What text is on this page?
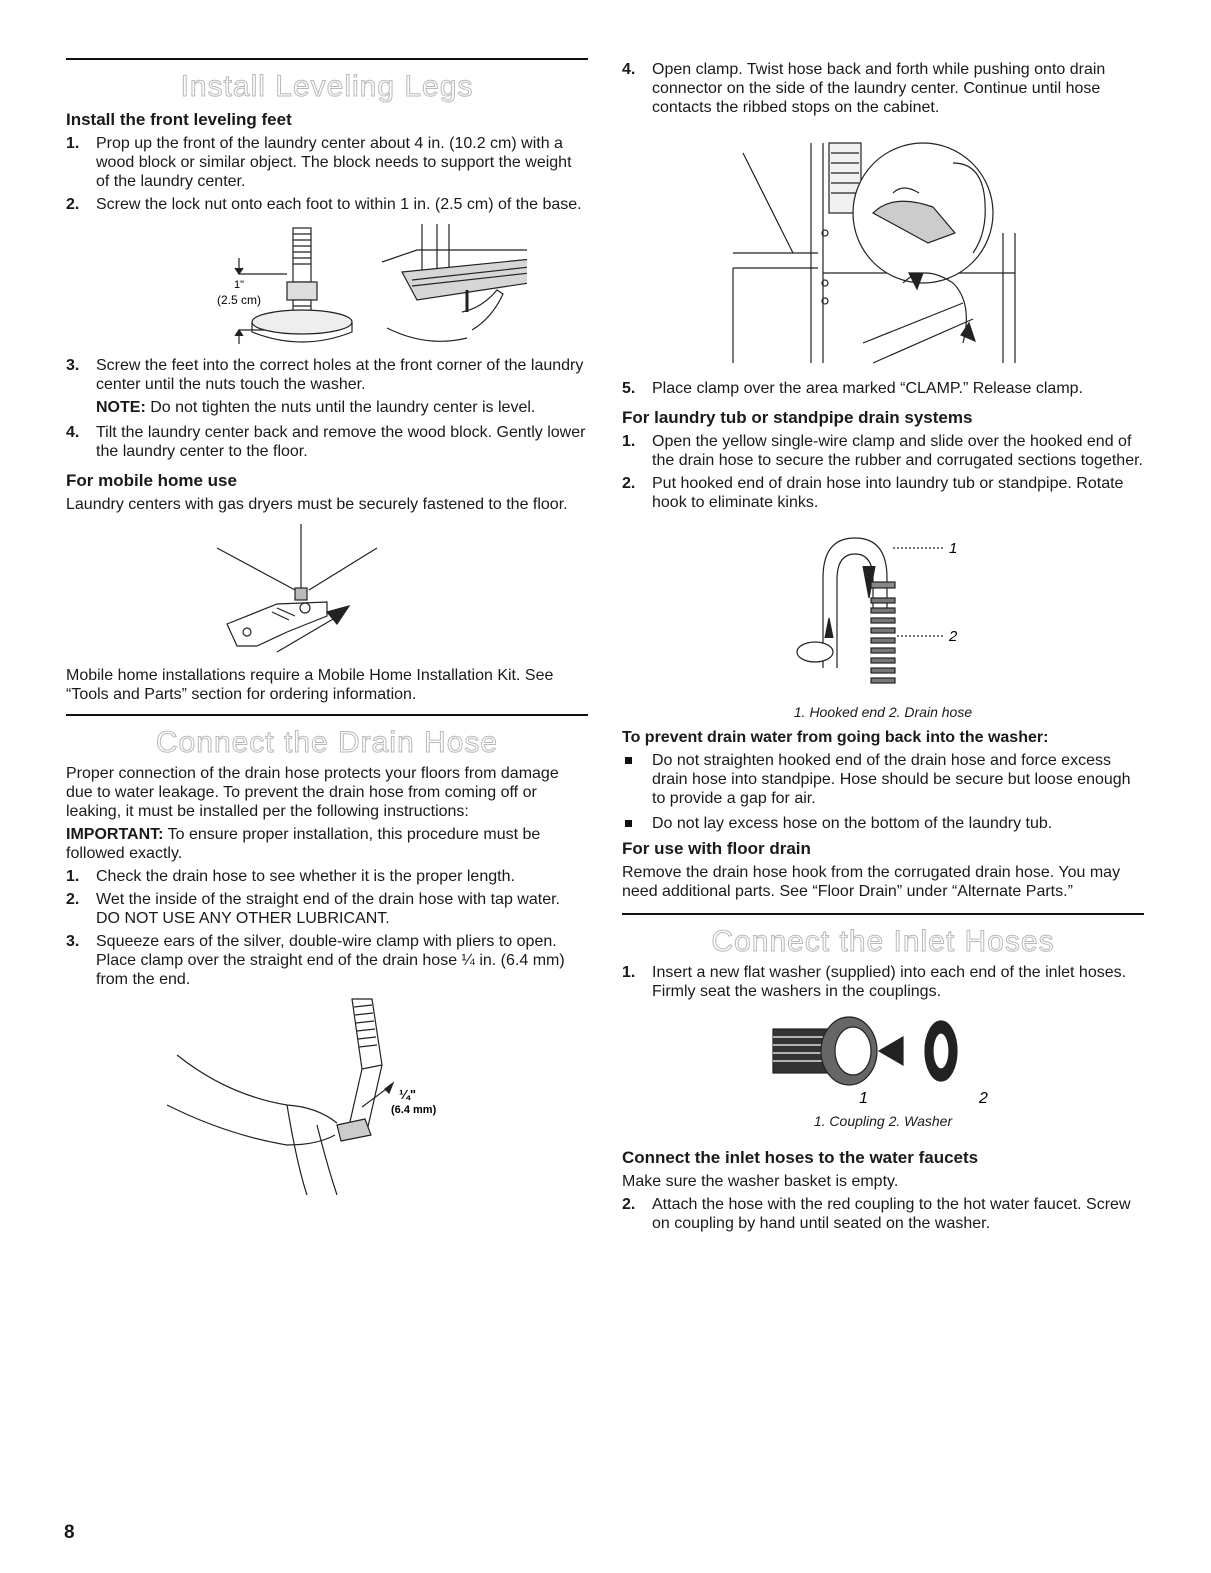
Install Leveling Legs
Install the front leveling feet
1. Prop up the front of the laundry center about 4 in. (10.2 cm) with a wood block or similar object. The block needs to support the weight of the laundry center.
2. Screw the lock nut onto each foot to within 1 in. (2.5 cm) of the base.
1"
(2.5 cm)
3. Screw the feet into the correct holes at the front corner of the laundry center until the nuts touch the washer.
NOTE: Do not tighten the nuts until the laundry center is level.
4. Tilt the laundry center back and remove the wood block. Gently lower the laundry center to the floor.
For mobile home use

Laundry centers with gas dryers must be securely fastened to the floor.

Mobile home installations require a Mobile Home Installation Kit. See “Tools and Parts” section for ordering information.

Connect the Drain Hose

Proper connection of the drain hose protects your floors from damage due to water leakage. To prevent the drain hose from coming off or leaking, it must be installed per the following instructions:

IMPORTANT: To ensure proper installation, this procedure must be followed exactly.

1. Check the drain hose to see whether it is the proper length.
2. Wet the inside of the straight end of the drain hose with tap water. DO NOT USE ANY OTHER LUBRICANT.
3. Squeeze ears of the silver, double-wire clamp with pliers to open. Place clamp over the straight end of the drain hose ¼ in. (6.4 mm) from the end.
¼"
(6.4 mm)
4. Open clamp. Twist hose back and forth while pushing onto drain connector on the side of the laundry center. Continue until hose contacts the ribbed stops on the cabinet.
5. Place clamp over the area marked “CLAMP.” Release clamp.
For laundry tub or standpipe drain systems
1. Open the yellow single-wire clamp and slide over the hooked end of the drain hose to secure the rubber and corrugated sections together.
2. Put hooked end of drain hose into laundry tub or standpipe. Rotate hook to eliminate kinks.
1
2
1. Hooked end 2. Drain hose
To prevent drain water from going back into the washer:
Do not straighten hooked end of the drain hose and force excess drain hose into standpipe. Hose should be secure but loose enough to provide a gap for air.
Do not lay excess hose on the bottom of the laundry tub.
For use with floor drain

Remove the drain hose hook from the corrugated drain hose. You may need additional parts. See “Floor Drain” under “Alternate Parts.”

Connect the Inlet Hoses
1. Insert a new flat washer (supplied) into each end of the inlet hoses. Firmly seat the washers in the couplings.
1	2
1. Coupling 2. Washer
Connect the inlet hoses to the water faucets

Make sure the washer basket is empty.

2. Attach the hose with the red coupling to the hot water faucet. Screw on coupling by hand until seated on the washer.
8
